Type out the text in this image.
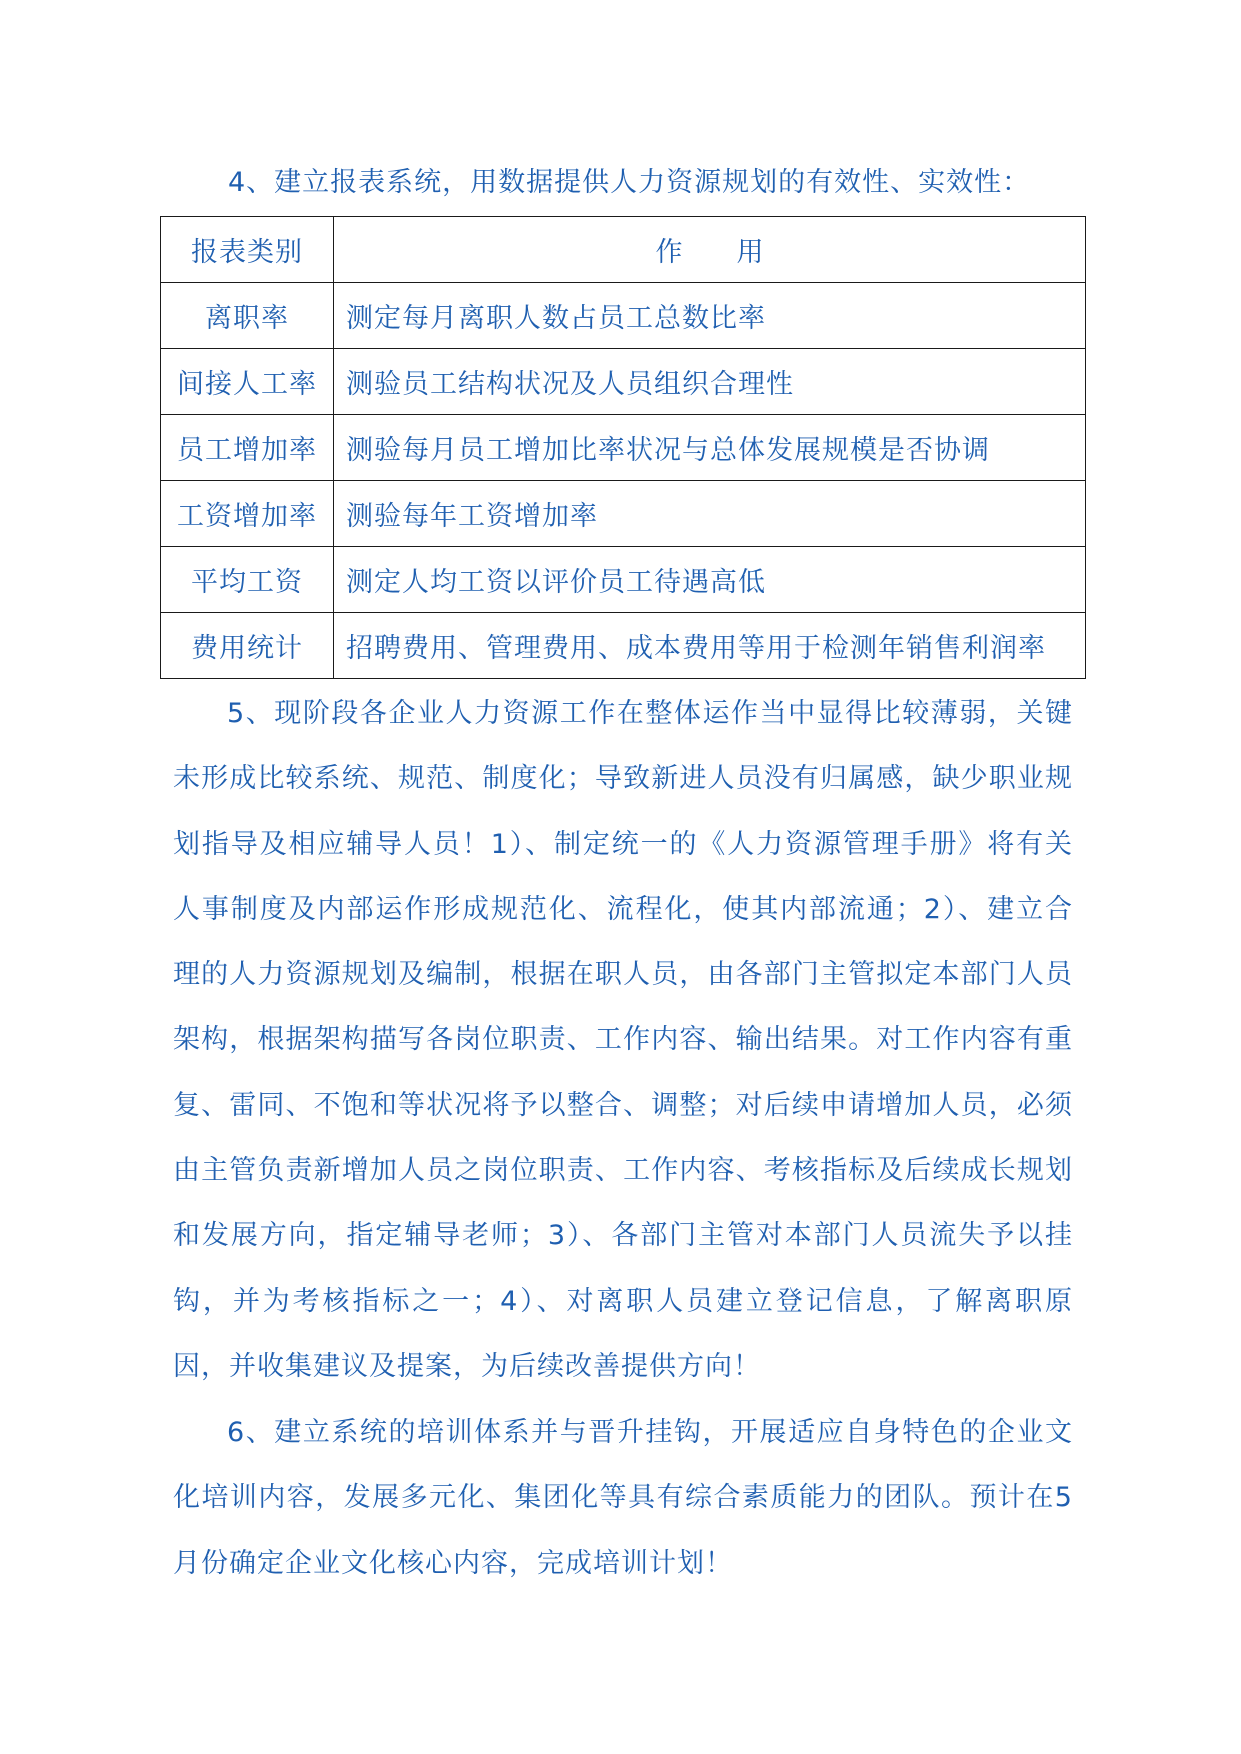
4、建立报表系统，用数据提供人力资源规划的有效性、实效性：
报表类别	作　　用
离职率	测定每月离职人数占员工总数比率
间接人工率	测验员工结构状况及人员组织合理性
员工增加率	测验每月员工增加比率状况与总体发展规模是否协调
工资增加率	测验每年工资增加率
平均工资	测定人均工资以评价员工待遇高低
费用统计	招聘费用、管理费用、成本费用等用于检测年销售利润率

5、现阶段各企业人力资源工作在整体运作当中显得比较薄弱，关键未形成比较系统、规范、制度化；导致新进人员没有归属感，缺少职业规划指导及相应辅导人员！1）、制定统一的《人力资源管理手册》将有关人事制度及内部运作形成规范化、流程化，使其内部流通；2）、建立合理的人力资源规划及编制，根据在职人员，由各部门主管拟定本部门人员架构，根据架构描写各岗位职责、工作内容、输出结果。对工作内容有重复、雷同、不饱和等状况将予以整合、调整；对后续申请增加人员，必须由主管负责新增加人员之岗位职责、工作内容、考核指标及后续成长规划和发展方向，指定辅导老师；3）、各部门主管对本部门人员流失予以挂钩，并为考核指标之一；4）、对离职人员建立登记信息，了解离职原因，并收集建议及提案，为后续改善提供方向！

6、建立系统的培训体系并与晋升挂钩，开展适应自身特色的企业文化培训内容，发展多元化、集团化等具有综合素质能力的团队。预计在5月份确定企业文化核心内容，完成培训计划！
